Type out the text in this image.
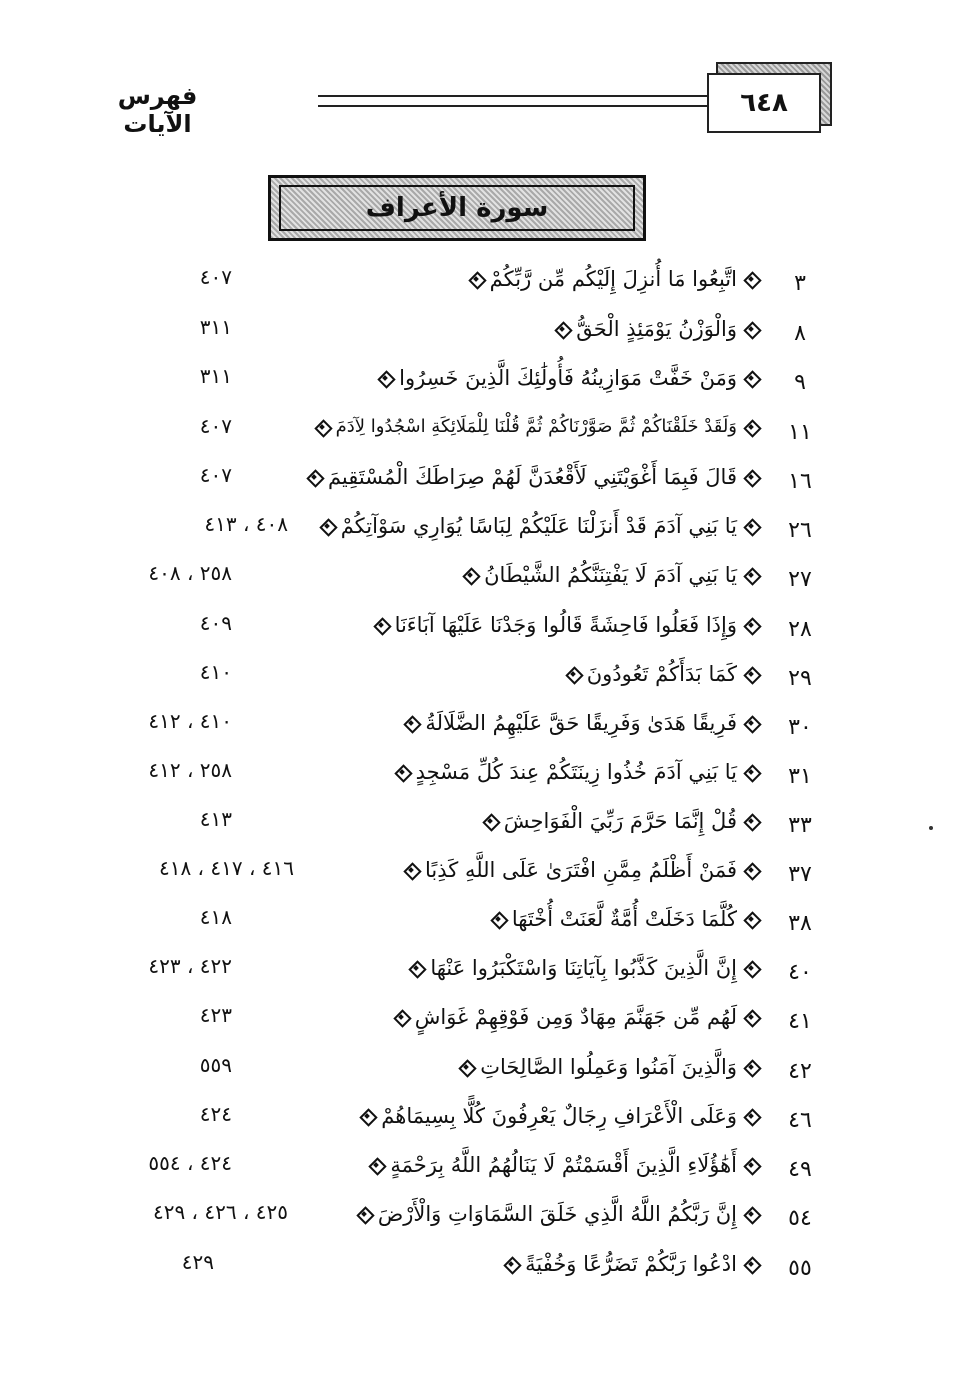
فهرس الآيات
٦٤٨
سورة الأعراف
٣
اتَّبِعُوا مَا أُنزِلَ إِلَيْكُم مِّن رَّبِّكُمْ
٤٠٧
٨
وَالْوَزْنُ يَوْمَئِذٍ الْحَقُّ
٣١١
٩
وَمَنْ خَفَّتْ مَوَازِينُهُ فَأُولَٰئِكَ الَّذِينَ خَسِرُوا
٣١١
١١
وَلَقَدْ خَلَقْنَاكُمْ ثُمَّ صَوَّرْنَاكُمْ ثُمَّ قُلْنَا لِلْمَلَائِكَةِ اسْجُدُوا لِآدَمَ
٤٠٧
١٦
قَالَ فَبِمَا أَغْوَيْتَنِي لَأَقْعُدَنَّ لَهُمْ صِرَاطَكَ الْمُسْتَقِيمَ
٤٠٧
٢٦
يَا بَنِي آدَمَ قَدْ أَنزَلْنَا عَلَيْكُمْ لِبَاسًا يُوَارِي سَوْآتِكُمْ
٤٠٨ ، ٤١٣
٢٧
يَا بَنِي آدَمَ لَا يَفْتِنَنَّكُمُ الشَّيْطَانُ
٢٥٨ ، ٤٠٨
٢٨
وَإِذَا فَعَلُوا فَاحِشَةً قَالُوا وَجَدْنَا عَلَيْهَا آبَاءَنَا
٤٠٩
٢٩
كَمَا بَدَأَكُمْ تَعُودُونَ
٤١٠
٣٠
فَرِيقًا هَدَىٰ وَفَرِيقًا حَقَّ عَلَيْهِمُ الضَّلَالَةُ
٤١٠ ، ٤١٢
٣١
يَا بَنِي آدَمَ خُذُوا زِينَتَكُمْ عِندَ كُلِّ مَسْجِدٍ
٢٥٨ ، ٤١٢
٣٣
قُلْ إِنَّمَا حَرَّمَ رَبِّيَ الْفَوَاحِشَ
٤١٣
٣٧
فَمَنْ أَظْلَمُ مِمَّنِ افْتَرَىٰ عَلَى اللَّهِ كَذِبًا
٤١٦ ، ٤١٧ ، ٤١٨
٣٨
كُلَّمَا دَخَلَتْ أُمَّةٌ لَّعَنَتْ أُخْتَهَا
٤١٨
٤٠
إِنَّ الَّذِينَ كَذَّبُوا بِآيَاتِنَا وَاسْتَكْبَرُوا عَنْهَا
٤٢٢ ، ٤٢٣
٤١
لَهُم مِّن جَهَنَّمَ مِهَادٌ وَمِن فَوْقِهِمْ غَوَاشٍ
٤٢٣
٤٢
وَالَّذِينَ آمَنُوا وَعَمِلُوا الصَّالِحَاتِ
٥٥٩
٤٦
وَعَلَى الْأَعْرَافِ رِجَالٌ يَعْرِفُونَ كُلًّا بِسِيمَاهُمْ
٤٢٤
٤٩
أَهَٰؤُلَاءِ الَّذِينَ أَقْسَمْتُمْ لَا يَنَالُهُمُ اللَّهُ بِرَحْمَةٍ
٤٢٤ ، ٥٥٤
٥٤
إِنَّ رَبَّكُمُ اللَّهُ الَّذِي خَلَقَ السَّمَاوَاتِ وَالْأَرْضَ
٤٢٥ ، ٤٢٦ ، ٤٢٩
٥٥
ادْعُوا رَبَّكُمْ تَضَرُّعًا وَخُفْيَةً
٤٢٩
